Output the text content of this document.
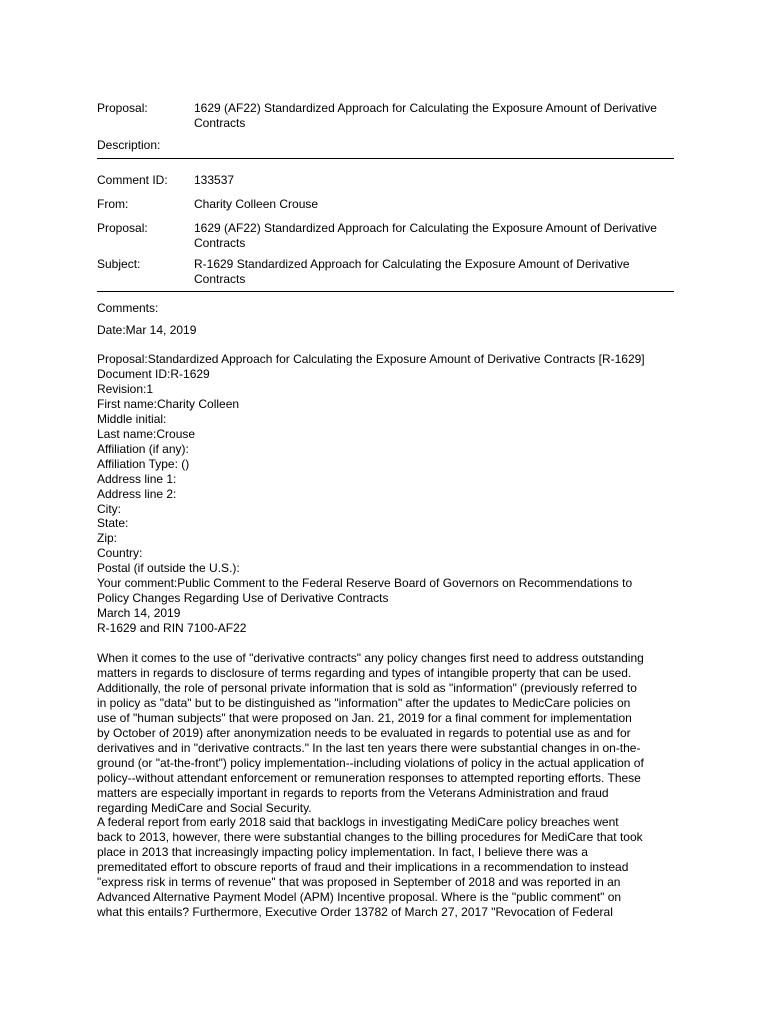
Proposal:	1629 (AF22) Standardized Approach for Calculating the Exposure Amount of Derivative Contracts
Description:
Comment ID: 133537
From:	Charity Colleen Crouse
Proposal:	1629 (AF22) Standardized Approach for Calculating the Exposure Amount of Derivative Contracts
Subject:	R-1629 Standardized Approach for Calculating the Exposure Amount of Derivative Contracts
Comments:
Date:Mar 14, 2019
Proposal:Standardized Approach for Calculating the Exposure Amount of Derivative Contracts [R-1629]
Document ID:R-1629
Revision:1
First name:Charity Colleen
Middle initial:
Last name:Crouse
Affiliation (if any):
Affiliation Type: ()
Address line 1:
Address line 2:
City:
State:
Zip:
Country:
Postal (if outside the U.S.):
Your comment:Public Comment to the Federal Reserve Board of Governors on Recommendations to
Policy Changes Regarding Use of Derivative Contracts
March 14, 2019
R-1629 and RIN 7100-AF22
When it comes to the use of "derivative contracts" any policy changes first need to address outstanding
matters in regards to disclosure of terms regarding and types of intangible property that can be used.
Additionally, the role of personal private information that is sold as "information" (previously referred to
in policy as "data" but to be distinguished as "information" after the updates to MedicCare policies on
use of "human subjects" that were proposed on Jan. 21, 2019 for a final comment for implementation
by October of 2019) after anonymization needs to be evaluated in regards to potential use as and for
derivatives and in "derivative contracts." In the last ten years there were substantial changes in on-the-
ground (or "at-the-front") policy implementation--including violations of policy in the actual application of
policy--without attendant enforcement or remuneration responses to attempted reporting efforts. These
matters are especially important in regards to reports from the Veterans Administration and fraud
regarding MediCare and Social Security.
A federal report from early 2018 said that backlogs in investigating MediCare policy breaches went
back to 2013, however, there were substantial changes to the billing procedures for MediCare that took
place in 2013 that increasingly impacting policy implementation. In fact, I believe there was a
premeditated effort to obscure reports of fraud and their implications in a recommendation to instead
"express risk in terms of revenue" that was proposed in September of 2018 and was reported in an
Advanced Alternative Payment Model (APM) Incentive proposal. Where is the "public comment" on
what this entails? Furthermore, Executive Order 13782 of March 27, 2017 "Revocation of Federal
